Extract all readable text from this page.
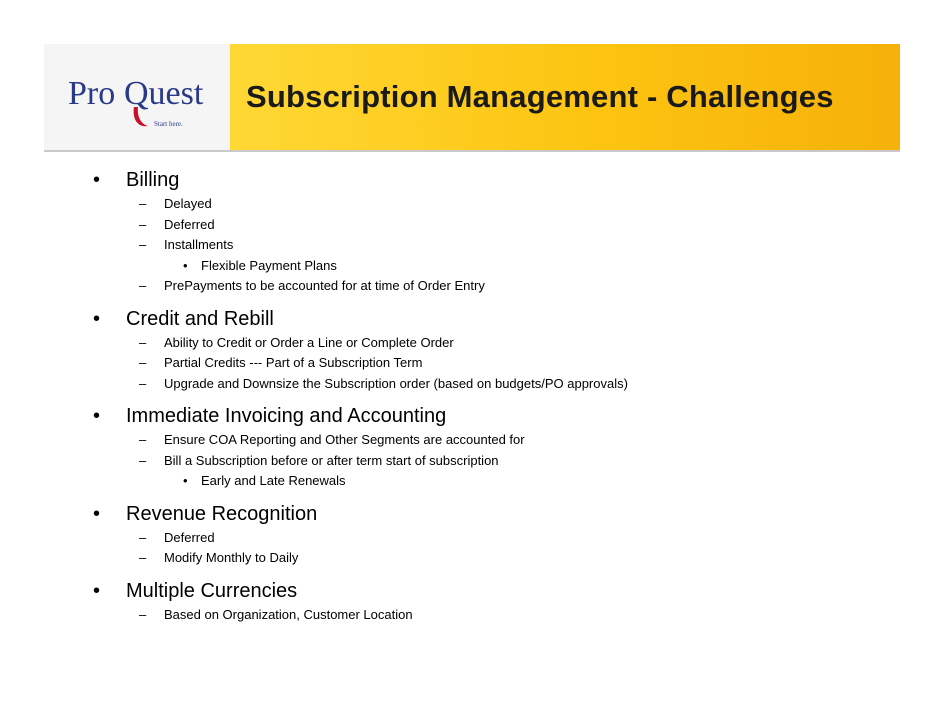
Pro Quest
Start here.
Subscription Management - Challenges
• Billing
– Delayed
– Deferred
– Installments
• Flexible Payment Plans
– PrePayments to be accounted for at time of Order Entry
• Credit and Rebill
– Ability to Credit or Order a Line or Complete Order
– Partial Credits --- Part of a Subscription Term
– Upgrade and Downsize the Subscription order (based on budgets/PO approvals)
• Immediate Invoicing and Accounting
– Ensure COA Reporting and Other Segments are accounted for
– Bill a Subscription before or after term start of subscription
• Early and Late Renewals
• Revenue Recognition
– Deferred
– Modify Monthly to Daily
• Multiple Currencies
– Based on Organization, Customer Location
